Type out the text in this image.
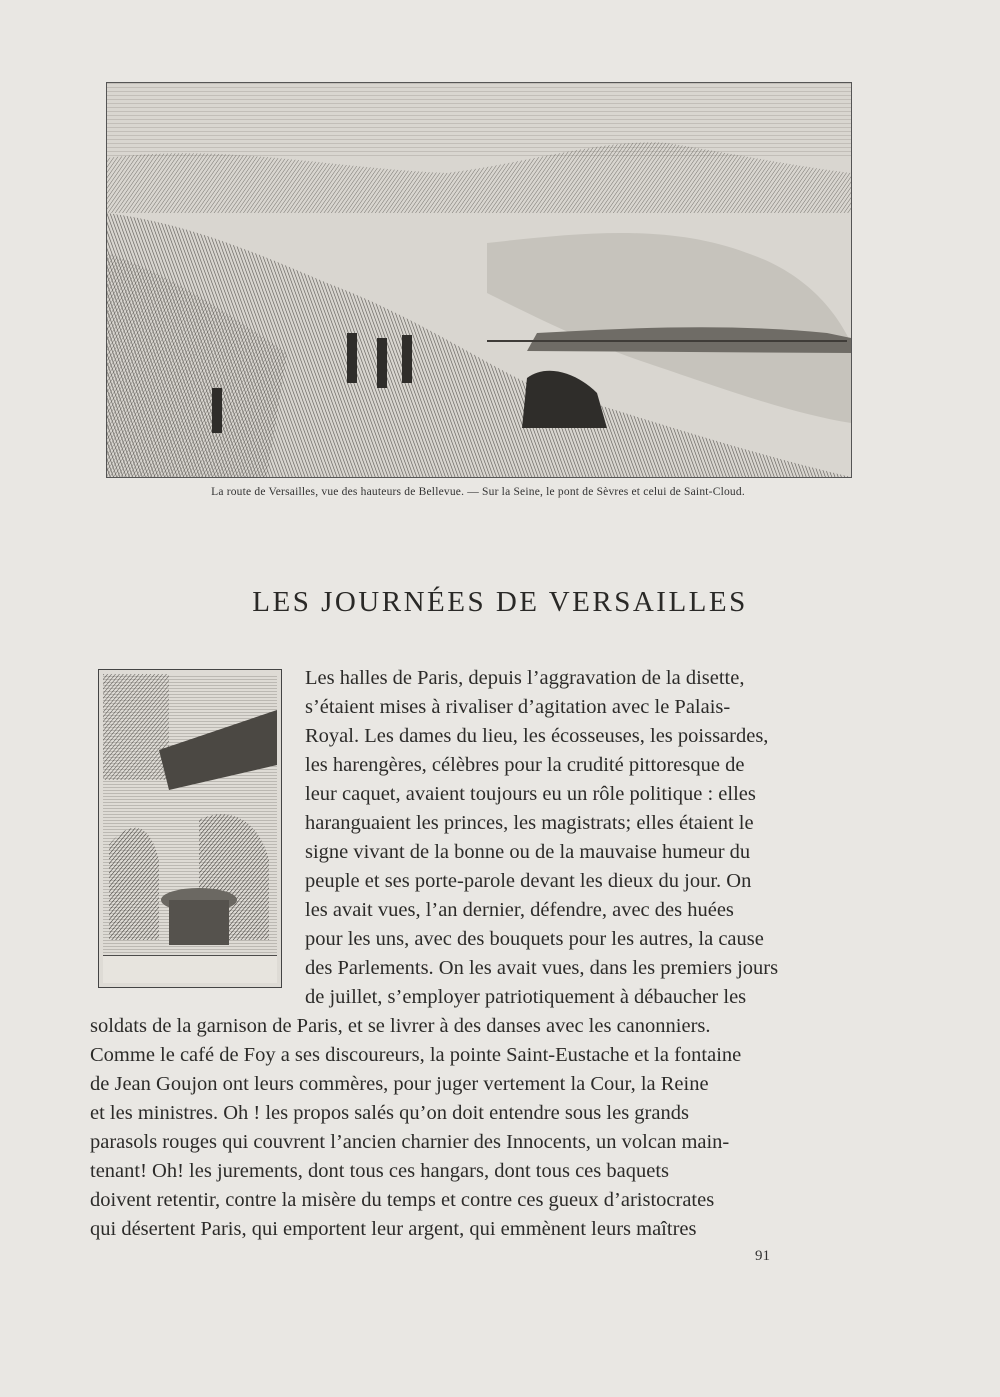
La route de Versailles, vue des hauteurs de Bellevue. — Sur la Seine, le pont de Sèvres et celui de Saint-Cloud.
LES JOURNÉES DE VERSAILLES
Les halles de Paris, depuis l’aggravation de la disette,
s’étaient mises à rivaliser d’agitation avec le Palais-
Royal. Les dames du lieu, les écosseuses, les poissardes,
les harengères, célèbres pour la crudité pittoresque de
leur caquet, avaient toujours eu un rôle politique : elles
haranguaient les princes, les magistrats; elles étaient le
signe vivant de la bonne ou de la mauvaise humeur du
peuple et ses porte-parole devant les dieux du jour. On
les avait vues, l’an dernier, défendre, avec des huées
pour les uns, avec des bouquets pour les autres, la cause
des Parlements. On les avait vues, dans les premiers jours
de juillet, s’employer patriotiquement à débaucher les
soldats de la garnison de Paris, et se livrer à des danses avec les canonniers.
Comme le café de Foy a ses discoureurs, la pointe Saint-Eustache et la fontaine
de Jean Goujon ont leurs commères, pour juger vertement la Cour, la Reine
et les ministres. Oh ! les propos salés qu’on doit entendre sous les grands
parasols rouges qui couvrent l’ancien charnier des Innocents, un volcan main-
tenant! Oh! les jurements, dont tous ces hangars, dont tous ces baquets
doivent retentir, contre la misère du temps et contre ces gueux d’aristocrates
qui désertent Paris, qui emportent leur argent, qui emmènent leurs maîtres
91
